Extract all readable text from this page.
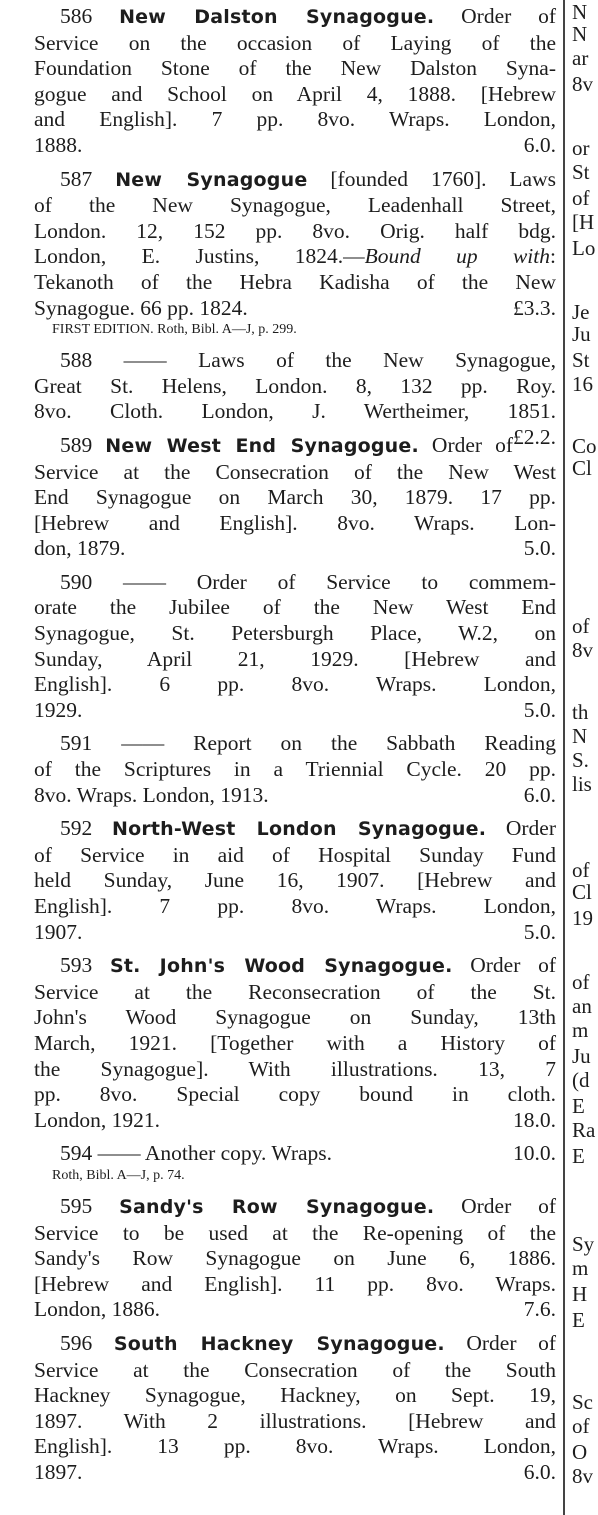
586 New Dalston Synagogue. Order of
Service on the occasion of Laying of the
Foundation Stone of the New Dalston Syna-
gogue and School on April 4, 1888. [Hebrew
and English]. 7 pp. 8vo. Wraps. London,
6.0.
1888.
587 New Synagogue [founded 1760]. Laws
of the New Synagogue, Leadenhall Street,
London. 12, 152 pp. 8vo. Orig. half bdg.
London, E. Justins, 1824.—Bound up with:
Tekanoth of the Hebra Kadisha of the New
£3.3.
Synagogue. 66 pp. 1824.
FIRST EDITION. Roth, Bibl. A—J, p. 299.
588 —— Laws of the New Synagogue,
Great St. Helens, London. 8, 132 pp. Roy.
8vo. Cloth. London, J. Wertheimer, 1851.
£2.2.
589 New West End Synagogue. Order of
Service at the Consecration of the New West
End Synagogue on March 30, 1879. 17 pp.
[Hebrew and English]. 8vo. Wraps. Lon-
5.0.
don, 1879.
590 —— Order of Service to commem-
orate the Jubilee of the New West End
Synagogue, St. Petersburgh Place, W.2, on
Sunday, April 21, 1929. [Hebrew and
English]. 6 pp. 8vo. Wraps. London,
5.0.
1929.
591 —— Report on the Sabbath Reading
of the Scriptures in a Triennial Cycle. 20 pp.
6.0.
8vo. Wraps. London, 1913.
592 North-West London Synagogue. Order
of Service in aid of Hospital Sunday Fund
held Sunday, June 16, 1907. [Hebrew and
English]. 7 pp. 8vo. Wraps. London,
5.0.
1907.
593 St. John's Wood Synagogue. Order of
Service at the Reconsecration of the St.
John's Wood Synagogue on Sunday, 13th
March, 1921. [Together with a History of
the Synagogue]. With illustrations. 13, 7
pp. 8vo. Special copy bound in cloth.
18.0.
London, 1921.
10.0.
594 —— Another copy. Wraps.
Roth, Bibl. A—J, p. 74.
595 Sandy's Row Synagogue. Order of
Service to be used at the Re-opening of the
Sandy's Row Synagogue on June 6, 1886.
[Hebrew and English]. 11 pp. 8vo. Wraps.
7.6.
London, 1886.
596 South Hackney Synagogue. Order of
Service at the Consecration of the South
Hackney Synagogue, Hackney, on Sept. 19,
1897. With 2 illustrations. [Hebrew and
English]. 13 pp. 8vo. Wraps. London,
6.0.
1897.
N
N
ar
8v
or
St
of
[H
Lo
Je
Ju
St
16
Co
Cl
of
8v
th
N
S.
lis
of
Cl
19
of
an
m
Ju
(d
E
Ra
E
Sy
m
H
E
Sc
of
O
8v
